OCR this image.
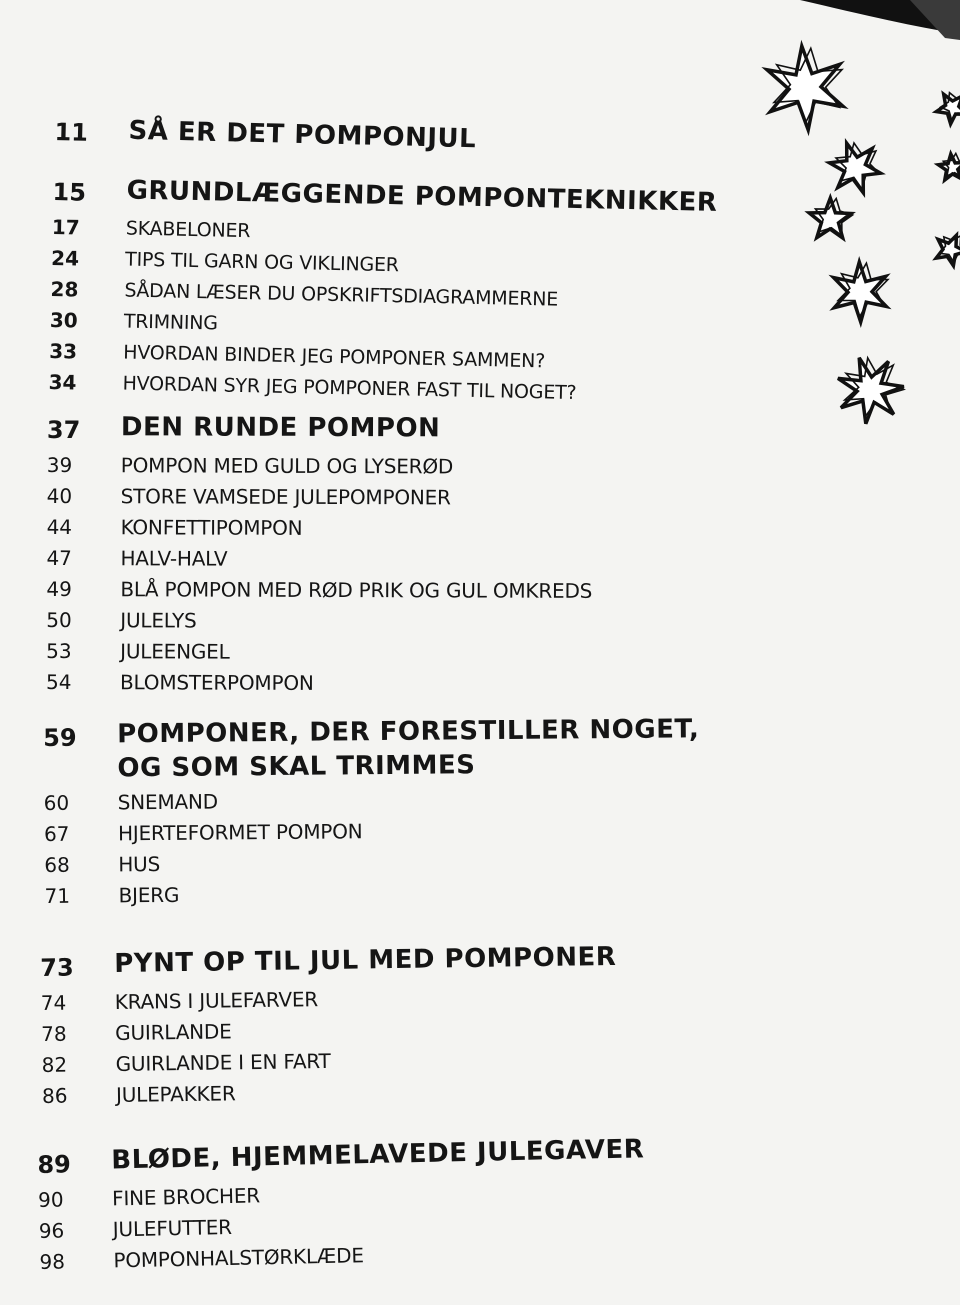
11	SÅ ER DET POMPONJUL
15	GRUNDLÆGGENDE POMPONTEKNIKKER
17	SKABELONER
24	TIPS TIL GARN OG VIKLINGER
28	SÅDAN LÆSER DU OPSKRIFTSDIAGRAMMERNE
30	TRIMNING
33	HVORDAN BINDER JEG POMPONER SAMMEN?
34	HVORDAN SYR JEG POMPONER FAST TIL NOGET?
37	DEN RUNDE POMPON
39	POMPON MED GULD OG LYSERØD
40	STORE VAMSEDE JULEPOMPONER
44	KONFETTIPOMPON
47	HALV-HALV
49	BLÅ POMPON MED RØD PRIK OG GUL OMKREDS
50	JULELYS
53	JULEENGEL
54	BLOMSTERPOMPON
59	POMPONER, DER FORESTILLER NOGET, OG SOM SKAL TRIMMES
60	SNEMAND
67	HJERTEFORMET POMPON
68	HUS
71	BJERG
73	PYNT OP TIL JUL MED POMPONER
74	KRANS I JULEFARVER
78	GUIRLANDE
82	GUIRLANDE I EN FART
86	JULEPAKKER
89	BLØDE, HJEMMELAVEDE JULEGAVER
90	FINE BROCHER
96	JULEFUTTER
98	POMPONHALSTØRKLÆDE
